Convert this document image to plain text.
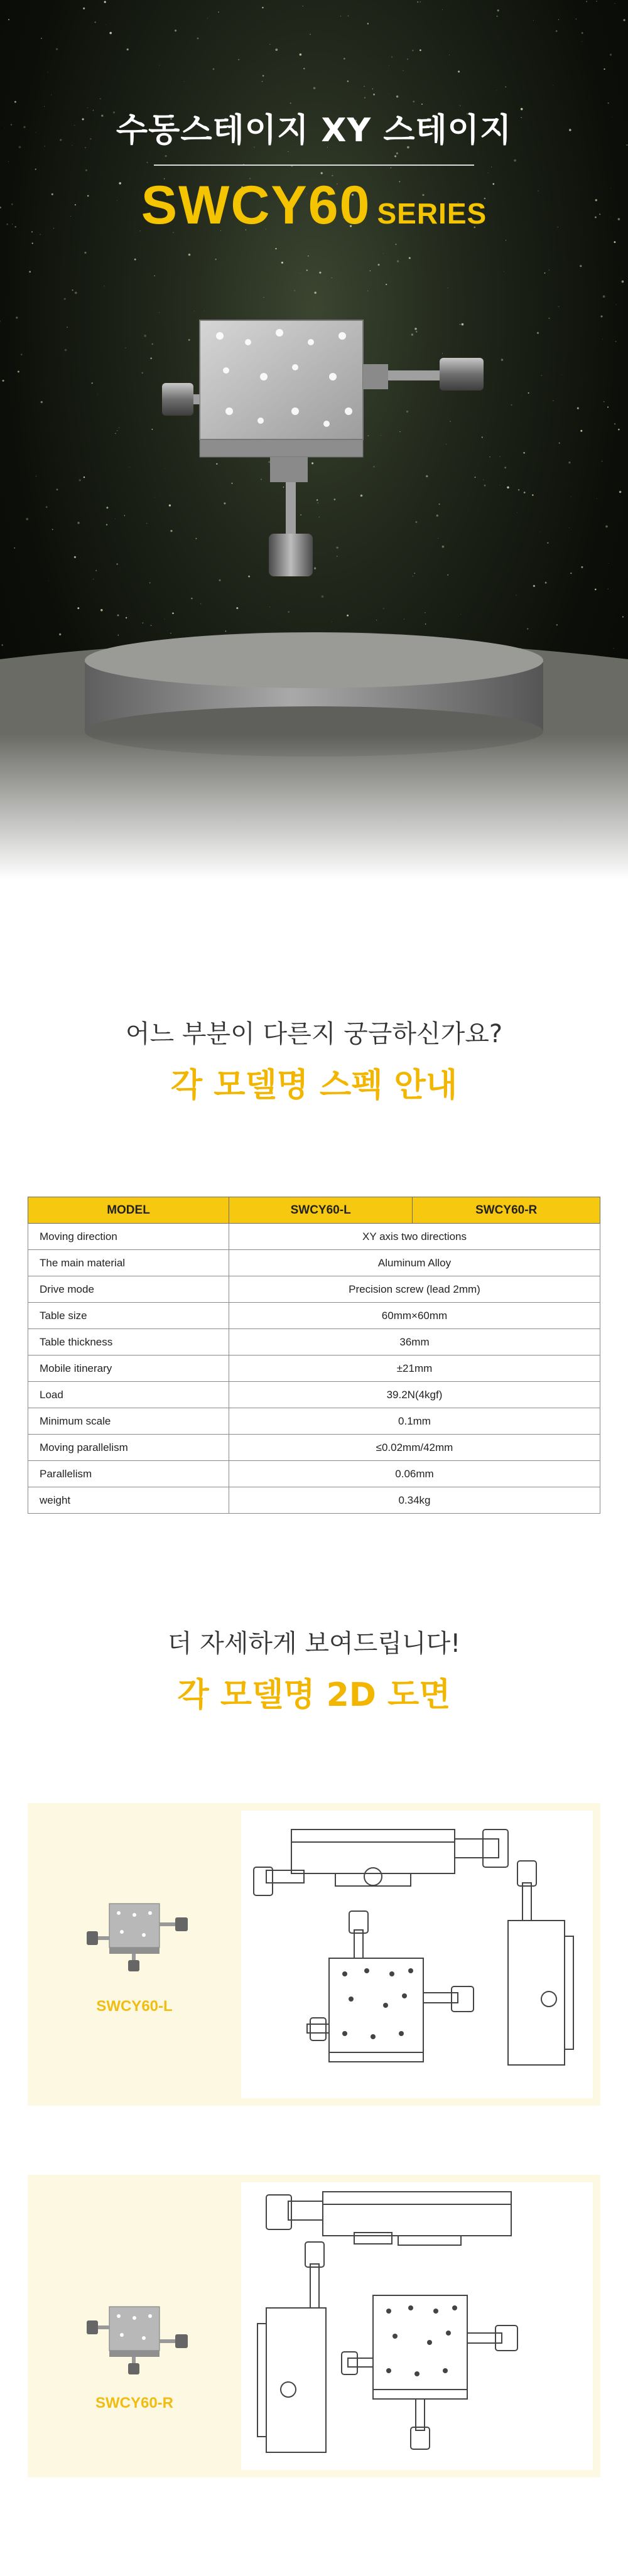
수동스테이지 XY 스테이지
SWCY60 SERIES
어느 부분이 다른지 궁금하신가요?
각 모델명 스펙 안내
MODEL	SWCY60-L	SWCY60-R
Moving direction	XY axis two directions	
The main material	Aluminum Alloy	
Drive mode	Precision screw (lead 2mm)	
Table size	60mm×60mm	
Table thickness	36mm	
Mobile itinerary	±21mm	
Load	39.2N(4kgf)	
Minimum scale	0.1mm	
Moving parallelism	≤0.02mm/42mm	
Parallelism	0.06mm	
weight	0.34kg	
더 자세하게 보여드립니다!
각 모델명 2D 도면
SWCY60-L
SWCY60-R
